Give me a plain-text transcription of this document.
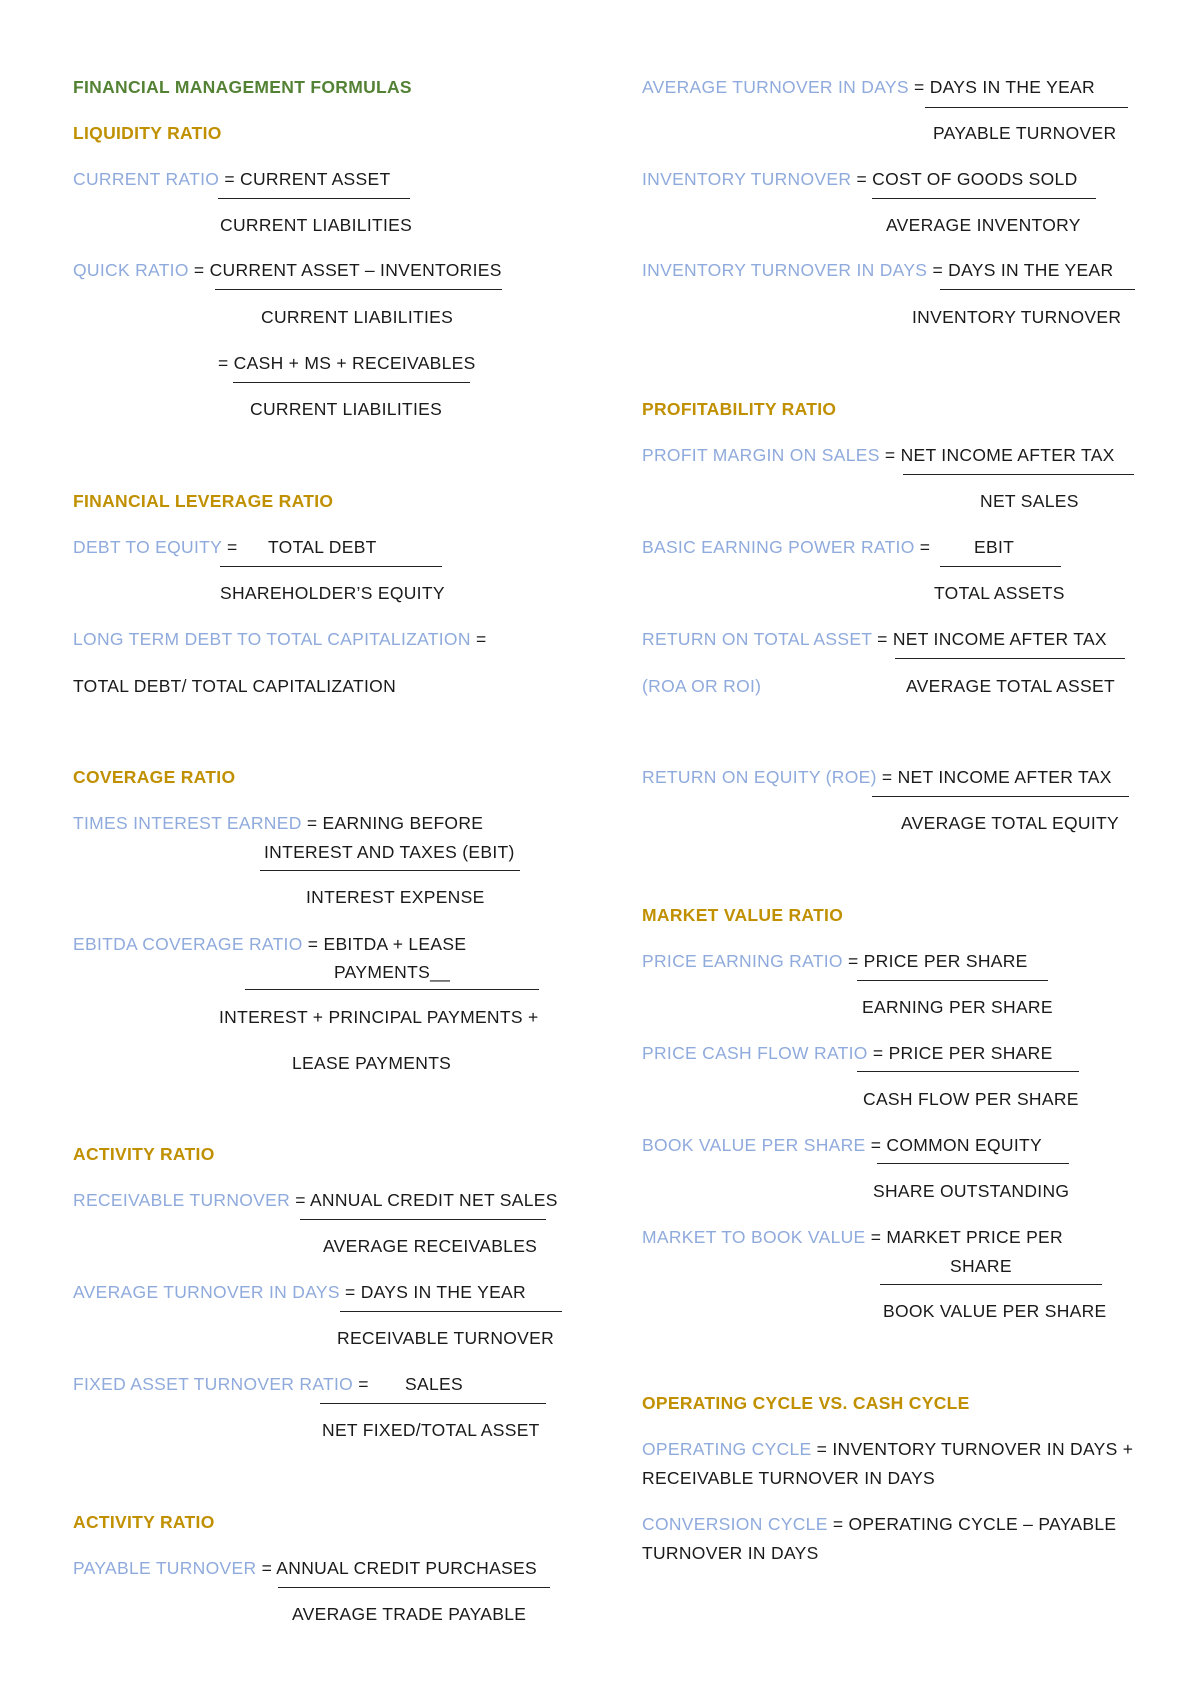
FINANCIAL MANAGEMENT FORMULAS
LIQUIDITY RATIO
CURRENT RATIO = CURRENT ASSET
CURRENT LIABILITIES
QUICK RATIO = CURRENT ASSET – INVENTORIES
CURRENT LIABILITIES
= CASH + MS + RECEIVABLES
CURRENT LIABILITIES
FINANCIAL LEVERAGE RATIO
DEBT TO EQUITY = TOTAL DEBT
SHAREHOLDER’S EQUITY
LONG TERM DEBT TO TOTAL CAPITALIZATION =
TOTAL DEBT/ TOTAL CAPITALIZATION
COVERAGE RATIO
TIMES INTEREST EARNED = EARNING BEFORE
INTEREST AND TAXES (EBIT)
INTEREST EXPENSE
EBITDA COVERAGE RATIO = EBITDA + LEASE
PAYMENTS__
INTEREST + PRINCIPAL PAYMENTS +
LEASE PAYMENTS
ACTIVITY RATIO
RECEIVABLE TURNOVER = ANNUAL CREDIT NET SALES
AVERAGE RECEIVABLES
AVERAGE TURNOVER IN DAYS = DAYS IN THE YEAR
RECEIVABLE TURNOVER
FIXED ASSET TURNOVER RATIO = SALES
NET FIXED/TOTAL ASSET
ACTIVITY RATIO
PAYABLE TURNOVER = ANNUAL CREDIT PURCHASES
AVERAGE TRADE PAYABLE
AVERAGE TURNOVER IN DAYS = DAYS IN THE YEAR
PAYABLE TURNOVER
INVENTORY TURNOVER = COST OF GOODS SOLD
AVERAGE INVENTORY
INVENTORY TURNOVER IN DAYS = DAYS IN THE YEAR
INVENTORY TURNOVER
PROFITABILITY RATIO
PROFIT MARGIN ON SALES = NET INCOME AFTER TAX
NET SALES
BASIC EARNING POWER RATIO = EBIT
TOTAL ASSETS
RETURN ON TOTAL ASSET = NET INCOME AFTER TAX
(ROA OR ROI)	AVERAGE TOTAL ASSET
RETURN ON EQUITY (ROE) = NET INCOME AFTER TAX
AVERAGE TOTAL EQUITY
MARKET VALUE RATIO
PRICE EARNING RATIO = PRICE PER SHARE
EARNING PER SHARE
PRICE CASH FLOW RATIO = PRICE PER SHARE
CASH FLOW PER SHARE
BOOK VALUE PER SHARE = COMMON EQUITY
SHARE OUTSTANDING
MARKET TO BOOK VALUE = MARKET PRICE PER
SHARE
BOOK VALUE PER SHARE
OPERATING CYCLE VS. CASH CYCLE
OPERATING CYCLE = INVENTORY TURNOVER IN DAYS +
RECEIVABLE TURNOVER IN DAYS
CONVERSION CYCLE = OPERATING CYCLE – PAYABLE
TURNOVER IN DAYS
